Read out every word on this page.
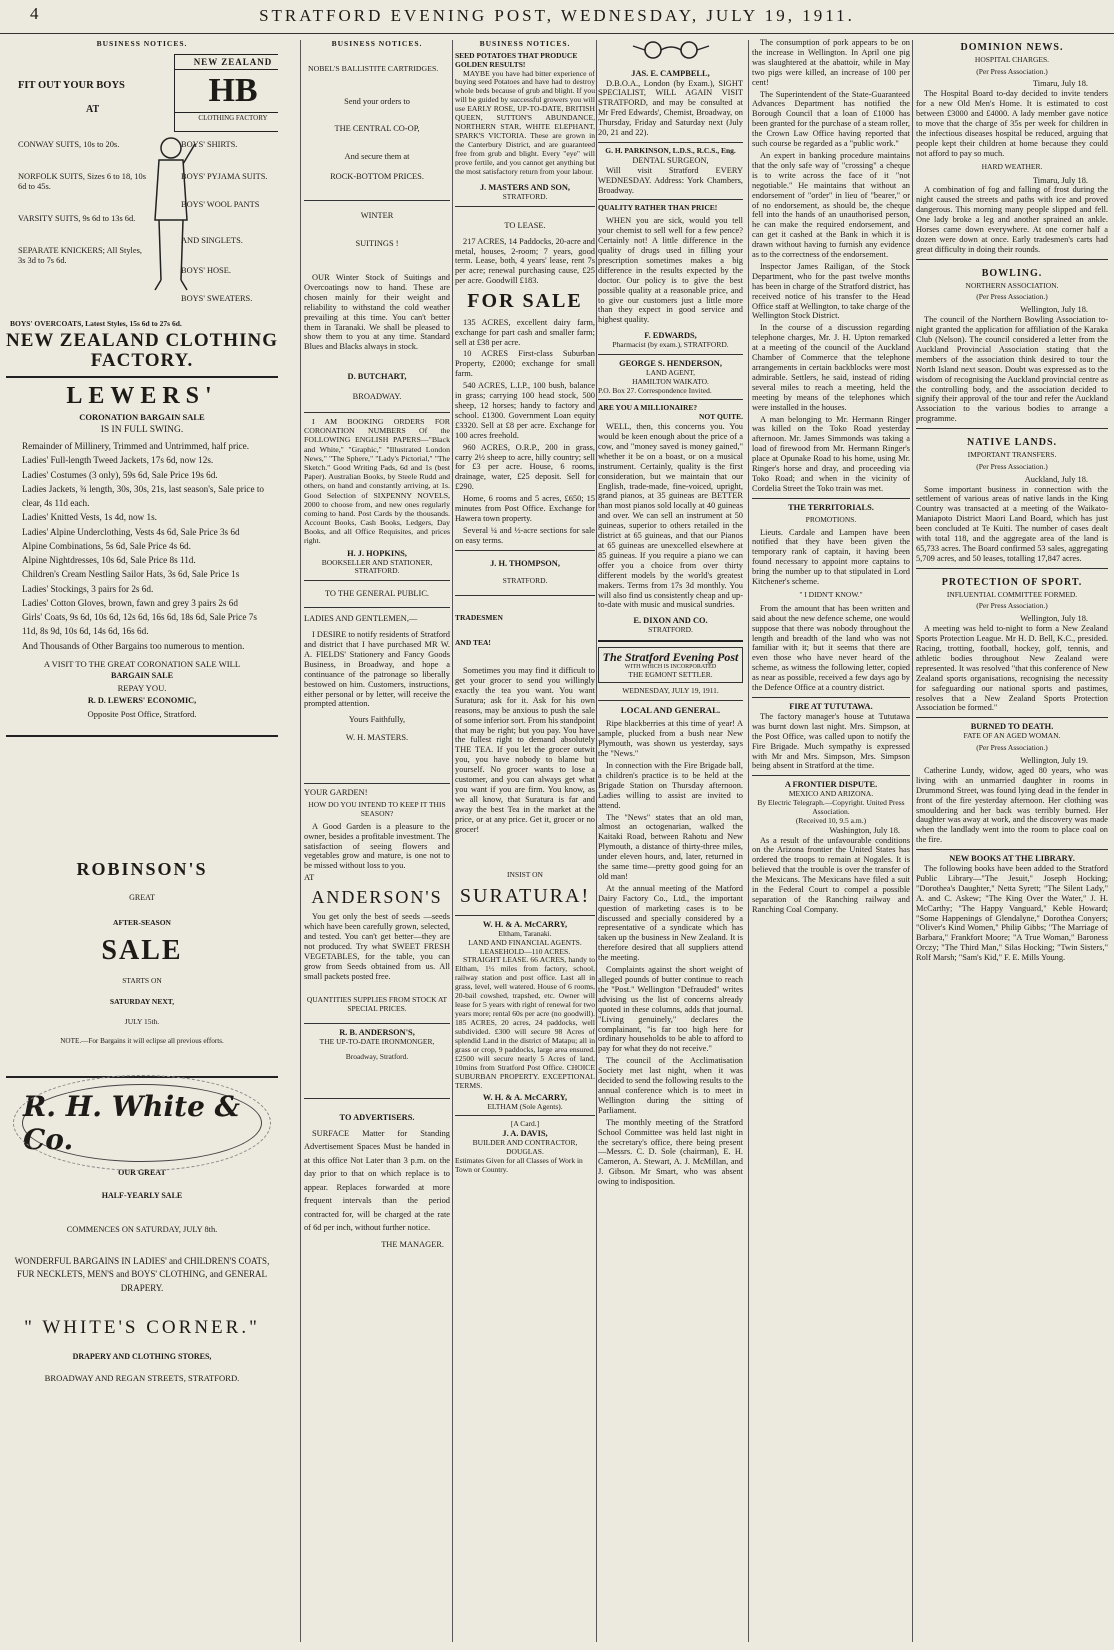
4	STRATFORD EVENING POST, WEDNESDAY, JULY 19, 1911.
BUSINESS NOTICES.
FIT OUT YOUR BOYS
AT
NEW ZEALAND
HB
CLOTHING FACTORY
CONWAY SUITS, 10s to 20s.
NORFOLK SUITS, Sizes 6 to 18, 10s 6d to 45s.
VARSITY SUITS, 9s 6d to 13s 6d.
SEPARATE KNICKERS; All Styles, 3s 3d to 7s 6d.
BOYS' SHIRTS.
BOYS' PYJAMA SUITS.
BOYS' WOOL PANTS
AND SINGLETS.
BOYS' HOSE.
BOYS' SWEATERS.
BOYS' OVERCOATS, Latest Styles, 15s 6d to 27s 6d.
NEW ZEALAND CLOTHING FACTORY.
LEWERS'
CORONATION BARGAIN SALE
IS IN FULL SWING.
Remainder of Millinery, Trimmed and Untrimmed, half price.
Ladies' Full-length Tweed Jackets, 17s 6d, now 12s.
Ladies' Costumes (3 only), 59s 6d, Sale Price 19s 6d.
Ladies Jackets, ¾ length, 30s, 30s, 21s, last season's, Sale price to clear, 4s 11d each.
Ladies' Knitted Vests, 1s 4d, now 1s.
Ladies' Alpine Underclothing, Vests 4s 6d, Sale Price 3s 6d
Alpine Combinations, 5s 6d, Sale Price 4s 6d.
Alpine Nightdresses, 10s 6d, Sale Price 8s 11d.
Children's Cream Nestling Sailor Hats, 3s 6d, Sale Price 1s
Ladies' Stockings, 3 pairs for 2s 6d.
Ladies' Cotton Gloves, brown, fawn and grey 3 pairs 2s 6d
Girls' Coats, 9s 6d, 10s 6d, 12s 6d, 16s 6d, 18s 6d, Sale Price 7s 11d, 8s 9d, 10s 6d, 14s 6d, 16s 6d.
And Thousands of Other Bargains too numerous to mention.
A VISIT TO THE GREAT CORONATION SALE WILL
BARGAIN SALE
REPAY YOU.
R. D. LEWERS' ECONOMIC,
Opposite Post Office, Stratford.
ROBINSON'S
GREAT
AFTER-SEASON
SALE
STARTS ON
SATURDAY NEXT,
JULY 15th.
NOTE.—For Bargains it will eclipse all previous efforts.
R. H. White & Co.
OUR GREAT
HALF-YEARLY SALE
COMMENCES ON SATURDAY, JULY 8th.
WONDERFUL BARGAINS IN LADIES' and CHILDREN'S COATS, FUR NECKLETS, MEN'S and BOYS' CLOTHING, and GENERAL DRAPERY.
" WHITE'S CORNER."
DRAPERY AND CLOTHING STORES,
BROADWAY AND REGAN STREETS, STRATFORD.
BUSINESS NOTICES.
NOBEL'S BALLISTITE CARTRIDGES.
Send your orders to
THE CENTRAL CO-OP,
And secure them at
ROCK-BOTTOM PRICES.
WINTER
SUITINGS !

OUR Winter Stock of Suitings and Overcoatings now to hand. These are chosen mainly for their weight and reliability to withstand the cold weather prevailing at this time. You can't better them in Taranaki. We shall be pleased to show them to you at any time. Standard Blues and Blacks always in stock.

D. BUTCHART,
BROADWAY.

I AM BOOKING ORDERS FOR CORONATION NUMBERS Of the FOLLOWING ENGLISH PAPERS—"Black and White," "Graphic," "Illustrated London News," "The Sphere," "Lady's Pictorial," "The Sketch." Good Writing Pads, 6d and 1s (best Paper). Australian Books, by Steele Rudd and others, on hand and constantly arriving, at 1s. Good Selection of SIXPENNY NOVELS, 2000 to choose from, and new ones regularly coming to hand. Post Cards by the thousands. Account Books, Cash Books, Ledgers, Day Books, and all Office Requisites, and prices right.

H. J. HOPKINS,
BOOKSELLER AND STATIONER, STRATFORD.
TO THE GENERAL PUBLIC.
LADIES AND GENTLEMEN,—

I DESIRE to notify residents of Stratford and district that I have purchased MR W. A. FIELDS' Stationery and Fancy Goods Business, in Broadway, and hope a continuance of the patronage so liberally bestowed on him. Customers, instructions, either personal or by letter, will receive the prompted attention.

Yours Faithfully,
W. H. MASTERS.
YOUR GARDEN!
HOW DO YOU INTEND TO KEEP IT THIS SEASON?

A Good Garden is a pleasure to the owner, besides a profitable investment. The satisfaction of seeing flowers and vegetables grow and mature, is one not to be missed without loss to you.

AT
ANDERSON'S

You get only the best of seeds —seeds which have been carefully grown, selected, and tested. You can't get better—they are not produced. Try what SWEET FRESH VEGETABLES, for the table, you can grow from Seeds obtained from us. All small packets posted free.

QUANTITIES SUPPLIES FROM STOCK AT SPECIAL PRICES.
R. B. ANDERSON'S,
THE UP-TO-DATE IRONMONGER,
Broadway, Stratford.
TO ADVERTISERS.

SURFACE Matter for Standing Advertisement Spaces Must be handed in at this office Not Later than 3 p.m. on the day prior to that on which replace is to appear. Replaces forwarded at more frequent intervals than the period contracted for, will be charged at the rate of 6d per inch, without further notice.

THE MANAGER.
BUSINESS NOTICES.
SEED POTATOES THAT PRODUCE GOLDEN RESULTS!

MAYBE you have had bitter experience of buying seed Potatoes and have had to destroy whole beds because of grub and blight. If you will be guided by successful growers you will use EARLY ROSE, UP-TO-DATE, BRITISH QUEEN, SUTTON'S ABUNDANCE, NORTHERN STAR, WHITE ELEPHANT, SPARK'S VICTORIA. These are grown in the Canterbury District, and are guaranteed free from grub and blight. Every "eye" will prove fertile, and you cannot get anything but the most satisfactory return from your labour.

J. MASTERS AND SON,
STRATFORD.
TO LEASE.

217 ACRES, 14 Paddocks, 20-acre and metal, houses, 2-room; 7 years, good term. Lease, both, 4 years' lease, rent 7s per acre; renewal purchasing cause, £25 per acre. Goodwill £183.

FOR SALE

135 ACRES, excellent dairy farm, exchange for part cash and smaller farm; sell at £38 per acre.

10 ACRES First-class Suburban Property, £2000; exchange for small farm.

540 ACRES, L.I.P., 100 bush, balance in grass; carrying 100 head stock, 500 sheep, 12 horses; handy to factory and school. £1300. Government Loan equity £3320. Sell at £8 per acre. Exchange for 100 acres freehold.

960 ACRES, O.R.P., 200 in grass, carry 2½ sheep to acre, hilly country; sell for £3 per acre. House, 6 rooms, drainage, water, £25 deposit. Sell for £290.

Home, 6 rooms and 5 acres, £650; 15 minutes from Post Office. Exchange for Hawera town property.

Several ¼ and ½-acre sections for sale on easy terms.

J. H. THOMPSON,
STRATFORD.
TRADESMEN
AND TEA!

Sometimes you may find it difficult to get your grocer to send you willingly exactly the tea you want. You want Suratura; ask for it. Ask for his own reasons, may be anxious to push the sale of some inferior sort. From his standpoint that may be right; but you pay. You have the fullest right to demand absolutely THE TEA. If you let the grocer outwit you, you have nobody to blame but yourself. No grocer wants to lose a customer, and you can always get what you want if you are firm. You know, as we all know, that Suratura is far and away the best Tea in the market at the price, or at any price. Get it, grocer or no grocer!

INSIST ON
SURATURA!
W. H. & A. McCARRY,
Eltham, Taranaki.
LAND AND FINANCIAL AGENTS.
LEASEHOLD—110 ACRES.

STRAIGHT LEASE. 66 ACRES, handy to Eltham, 1½ miles from factory, school, railway station and post office. Last all in grass, level, well watered. House of 6 rooms, 20-bail cowshed, trapshed, etc. Owner will lease for 5 years with right of renewal for two years more; rental 60s per acre (no goodwill). 185 ACRES, 20 acres, 24 paddocks, well subdivided. £300 will secure 98 Acres of splendid Land in the district of Matapu; all in grass or crop, 9 paddocks, large area ensured. £2500 will secure nearly 5 Acres of land, 10mins from Stratford Post Office. CHOICE SUBURBAN PROPERTY. EXCEPTIONAL TERMS.

W. H. & A. McCARRY,
ELTHAM (Sole Agents).
[A Card.]
J. A. DAVIS,
BUILDER AND CONTRACTOR, DOUGLAS.
Estimates Given for all Classes of Work in Town or Country.
JAS. E. CAMPBELL,

D.B.O.A., London (by Exam.), SIGHT SPECIALIST, WILL AGAIN VISIT STRATFORD, and may be consulted at Mr Fred Edwards', Chemist, Broadway, on Thursday, Friday and Saturday next (July 20, 21 and 22).

G. H. PARKINSON, L.D.S., R.C.S., Eng.
DENTAL SURGEON,

Will visit Stratford EVERY WEDNESDAY. Address: York Chambers, Broadway.

QUALITY RATHER THAN PRICE!

WHEN you are sick, would you tell your chemist to sell well for a few pence? Certainly not! A little difference in the quality of drugs used in filling your prescription sometimes makes a big difference in the results expected by the doctor. Our policy is to give the best possible quality at a reasonable price, and to give our customers just a little more than they expect in good service and highest quality.

F. EDWARDS,
Pharmacist (by exam.), STRATFORD.
GEORGE S. HENDERSON,
LAND AGENT,
HAMILTON WAIKATO.
P.O. Box 27. Correspondence Invited.
ARE YOU A MILLIONAIRE?
NOT QUITE.

WELL, then, this concerns you. You would be keen enough about the price of a cow, and "money saved is money gained," whether it be on a boast, or on a musical instrument. Certainly, quality is the first consideration, but we maintain that our English, trade-made, fine-voiced, upright, grand pianos, at 35 guineas are BETTER than most pianos sold locally at 40 guineas and over. We can sell an instrument at 50 guineas, superior to others retailed in the district at 65 guineas, and that our Pianos at 65 guineas are unexcelled elsewhere at 85 guineas. If you require a piano we can offer you a choice from over thirty different models by the world's greatest makers. Terms from 17s 3d monthly. You will also find us consistently cheap and up-to-date with music and musical sundries.

E. DIXON AND CO.
STRATFORD.
The Stratford Evening Post
WITH WHICH IS INCORPORATED
THE EGMONT SETTLER.
WEDNESDAY, JULY 19, 1911.
LOCAL AND GENERAL.

Ripe blackberries at this time of year! A sample, plucked from a bush near New Plymouth, was shown us yesterday, says the "News."

In connection with the Fire Brigade ball, a children's practice is to be held at the Brigade Station on Thursday afternoon. Ladies willing to assist are invited to attend.

The "News" states that an old man, almost an octogenarian, walked the Kaitaki Road, between Rahotu and New Plymouth, a distance of thirty-three miles, under eleven hours, and, later, returned in the same time—pretty good going for an old man!

At the annual meeting of the Matford Dairy Factory Co., Ltd., the important question of marketing cases is to be discussed and specially considered by a representative of a syndicate which has taken up the business in New Zealand. It is therefore desired that all suppliers attend the meeting.

Complaints against the short weight of alleged pounds of butter continue to reach the "Post." Wellington "Defrauded" writes advising us the list of concerns already quoted in these columns, adds that journal. "Living genuinely," declares the complainant, "is far too high here for ordinary households to be able to afford to pay for what they do not receive."

The council of the Acclimatisation Society met last night, when it was decided to send the following results to the annual conference which is to meet in Wellington during the sitting of Parliament.

The monthly meeting of the Stratford School Committee was held last night in the secretary's office, there being present—Messrs. C. D. Sole (chairman), E. H. Cameron, A. Stewart, A. J. McMillan, and J. Gibson. Mr Smart, who was absent owing to indisposition.

The consumption of pork appears to be on the increase in Wellington. In April one pig was slaughtered at the abattoir, while in May two pigs were killed, an increase of 100 per cent!

The Superintendent of the State-Guaranteed Advances Department has notified the Borough Council that a loan of £1000 has been granted for the purchase of a steam roller, the Crown Law Office having reported that such course be regarded as a "public work."

An expert in banking procedure maintains that the only safe way of "crossing" a cheque is to write across the face of it "not negotiable." He maintains that without an endorsement of "order" in lieu of "bearer," or of no endorsement, as should be, the cheque fell into the hands of an unauthorised person, he can make the required endorsement, and can get it cashed at the Bank in which it is drawn without having to furnish any evidence as to the correctness of the endorsement.

Inspector James Railigan, of the Stock Department, who for the past twelve months has been in charge of the Stratford district, has received notice of his transfer to the Head Office staff at Wellington, to take charge of the Wellington Stock District.

In the course of a discussion regarding telephone charges, Mr. J. H. Upton remarked at a meeting of the council of the Auckland Chamber of Commerce that the telephone arrangements in certain backblocks were most admirable. Settlers, he said, instead of riding several miles to reach a meeting, held the meeting by means of the telephones which were installed in the houses.

A man belonging to Mr. Hermann Ringer was killed on the Toko Road yesterday afternoon. Mr. James Simmonds was taking a load of firewood from Mr. Hermann Ringer's place at Opunake Road to his home, using Mr. Ringer's horse and dray, and proceeding via Toko Road; and when in the vicinity of Cordelia Street the Toko train was met.

THE TERRITORIALS.
PROMOTIONS.

Lieuts. Cardale and Lampen have been notified that they have been given the temporary rank of captain, it having been found necessary to appoint more captains to bring the number up to that stipulated in Lord Kitchener's scheme.

" I DIDN'T KNOW."

From the amount that has been written and said about the new defence scheme, one would suppose that there was nobody throughout the length and breadth of the land who was not familiar with it; but it seems that there are even those who have never heard of the scheme, as witness the following letter, copied as near as possible, received a few days ago by the Defence Office at a country district.

FIRE AT TUTUTAWA.

The factory manager's house at Tututawa was burnt down last night. Mrs. Simpson, at the Post Office, was called upon to notify the Fire Brigade. Much sympathy is expressed with Mr and Mrs. Simpson, Mrs. Simpson being absent in Stratford at the time.

A FRONTIER DISPUTE.
MEXICO AND ARIZONA.
By Electric Telegraph.—Copyright. United Press Association.
(Received 10, 9.5 a.m.)
Washington, July 18.

As a result of the unfavourable conditions on the Arizona frontier the United States has ordered the troops to remain at Nogales. It is believed that the trouble is over the transfer of the Mexicans. The Mexicans have filed a suit in the Federal Court to compel a possible separation of the Ranching railway and Ranching Coal Company.

DOMINION NEWS.
HOSPITAL CHARGES.
(Per Press Association.)
Timaru, July 18.

The Hospital Board to-day decided to invite tenders for a new Old Men's Home. It is estimated to cost between £3000 and £4000. A lady member gave notice to move that the charge of 35s per week for children in the infectious diseases hospital be reduced, arguing that people kept their children at home because they could not afford to pay so much.

HARD WEATHER.
Timaru, July 18.

A combination of fog and falling of frost during the night caused the streets and paths with ice and proved dangerous. This morning many people slipped and fell. One lady broke a leg and another sprained an ankle. Horses came down everywhere. At one corner half a dozen were down at once. Early tradesmen's carts had great difficulty in doing their rounds.

BOWLING.
NORTHERN ASSOCIATION.
(Per Press Association.)
Wellington, July 18.

The council of the Northern Bowling Association to-night granted the application for affiliation of the Karaka Club (Nelson). The council considered a letter from the Auckland Provincial Association stating that the members of the association think desired to tour the North Island next season. Doubt was expressed as to the wisdom of recognising the Auckland provincial centre as the controlling body, and the association decided to signify their approval of the tour and refer the Auckland Association to the various bodies to arrange a programme.

NATIVE LANDS.
IMPORTANT TRANSFERS.
(Per Press Association.)
Auckland, July 18.

Some important business in connection with the settlement of various areas of native lands in the King Country was transacted at a meeting of the Waikato-Maniapoto District Maori Land Board, which has just been concluded at Te Kuiti. The number of cases dealt with total 118, and the aggregate area of the land is 65,733 acres. The Board confirmed 53 sales, aggregating 5,709 acres, and 50 leases, totalling 17,847 acres.

PROTECTION OF SPORT.
INFLUENTIAL COMMITTEE FORMED.
(Per Press Association.)
Wellington, July 18.

A meeting was held to-night to form a New Zealand Sports Protection League. Mr H. D. Bell, K.C., presided. Racing, trotting, football, hockey, golf, tennis, and athletic bodies throughout New Zealand were represented. It was resolved "that this conference of New Zealand sports organisations, recognising the necessity for safeguarding our national sports and pastimes, resolves that a New Zealand Sports Protection Association be formed."

BURNED TO DEATH.
FATE OF AN AGED WOMAN.
(Per Press Association.)
Wellington, July 19.

Catherine Lundy, widow, aged 80 years, who was living with an unmarried daughter in rooms in Drummond Street, was found lying dead in the fender in front of the fire yesterday afternoon. Her clothing was smouldering and her back was terribly burned. Her daughter was away at work, and the discovery was made when the landlady went into the room to place coal on the fire.

NEW BOOKS AT THE LIBRARY.

The following books have been added to the Stratford Public Library—"The Jesuit," Joseph Hocking; "Dorothea's Daughter," Netta Syrett; "The Silent Lady," A. and C. Askew; "The King Over the Water," J. H. McCarthy; "The Happy Vanguard," Keble Howard; "Some Happenings of Glendalyne," Dorothea Conyers; "Oliver's Kind Women," Philip Gibbs; "The Marriage of Barbara," Frankfort Moore; "A True Woman," Baroness Orczy; "The Third Man," Silas Hocking; "Twin Sisters," Rolf Marsh; "Sam's Kid," F. E. Mills Young.
